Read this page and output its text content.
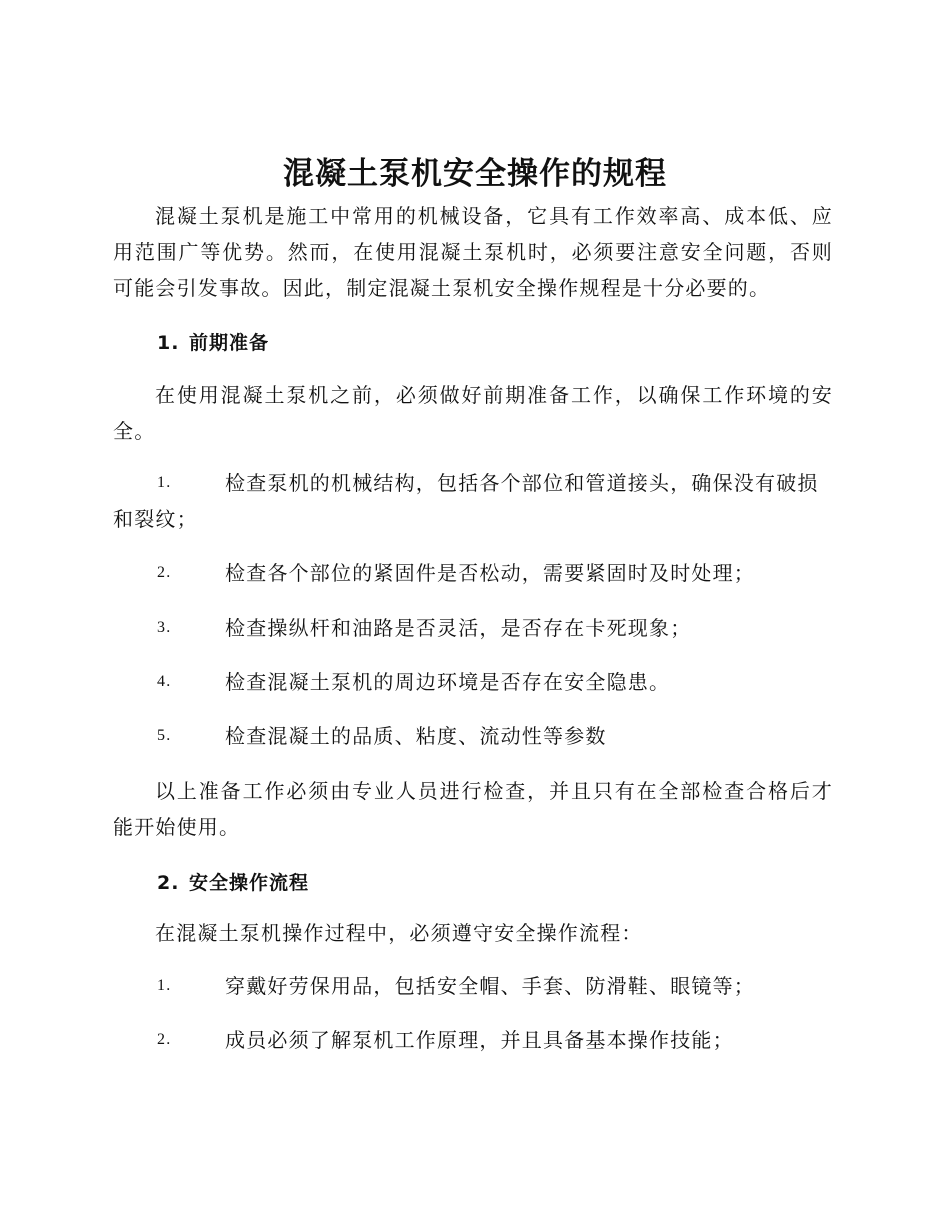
混凝土泵机安全操作的规程
混凝土泵机是施工中常用的机械设备，它具有工作效率高、成本低、应用范围广等优势。然而，在使用混凝土泵机时，必须要注意安全问题，否则可能会引发事故。因此，制定混凝土泵机安全操作规程是十分必要的。
1. 前期准备
在使用混凝土泵机之前，必须做好前期准备工作，以确保工作环境的安全。
1.	检查泵机的机械结构，包括各个部位和管道接头，确保没有破损和裂纹；
2.	检查各个部位的紧固件是否松动，需要紧固时及时处理；
3.	检查操纵杆和油路是否灵活，是否存在卡死现象；
4.	检查混凝土泵机的周边环境是否存在安全隐患。
5.	检查混凝土的品质、粘度、流动性等参数
以上准备工作必须由专业人员进行检查，并且只有在全部检查合格后才能开始使用。
2. 安全操作流程
在混凝土泵机操作过程中，必须遵守安全操作流程：
1.	穿戴好劳保用品，包括安全帽、手套、防滑鞋、眼镜等；
2.	成员必须了解泵机工作原理，并且具备基本操作技能；
